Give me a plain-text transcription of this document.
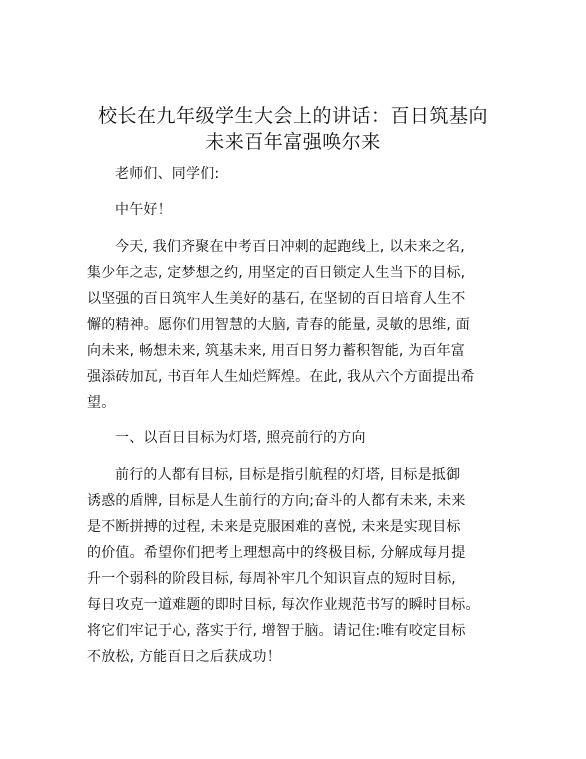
校长在九年级学生大会上的讲话：百日筑基向
未来百年富强唤尔来
老师们、同学们:
中午好！
今天, 我们齐聚在中考百日冲刺的起跑线上, 以未来之名,
集少年之志, 定梦想之约, 用坚定的百日锁定人生当下的目标,
以坚强的百日筑牢人生美好的基石, 在坚韧的百日培育人生不
懈的精神。愿你们用智慧的大脑, 青春的能量, 灵敏的思维, 面
向未来, 畅想未来, 筑基未来, 用百日努力蓄积智能, 为百年富
强添砖加瓦, 书百年人生灿烂辉煌。在此, 我从六个方面提出希
望。
一、以百日目标为灯塔, 照亮前行的方向
前行的人都有目标, 目标是指引航程的灯塔, 目标是抵御
诱惑的盾牌, 目标是人生前行的方向;奋斗的人都有未来, 未来
是不断拼搏的过程, 未来是克服困难的喜悦, 未来是实现目标
的价值。希望你们把考上理想高中的终极目标, 分解成每月提
升一个弱科的阶段目标, 每周补牢几个知识盲点的短时目标,
每日攻克一道难题的即时目标, 每次作业规范书写的瞬时目标。
将它们牢记于心, 落实于行, 增智于脑。请记住:唯有咬定目标
不放松, 方能百日之后获成功！
